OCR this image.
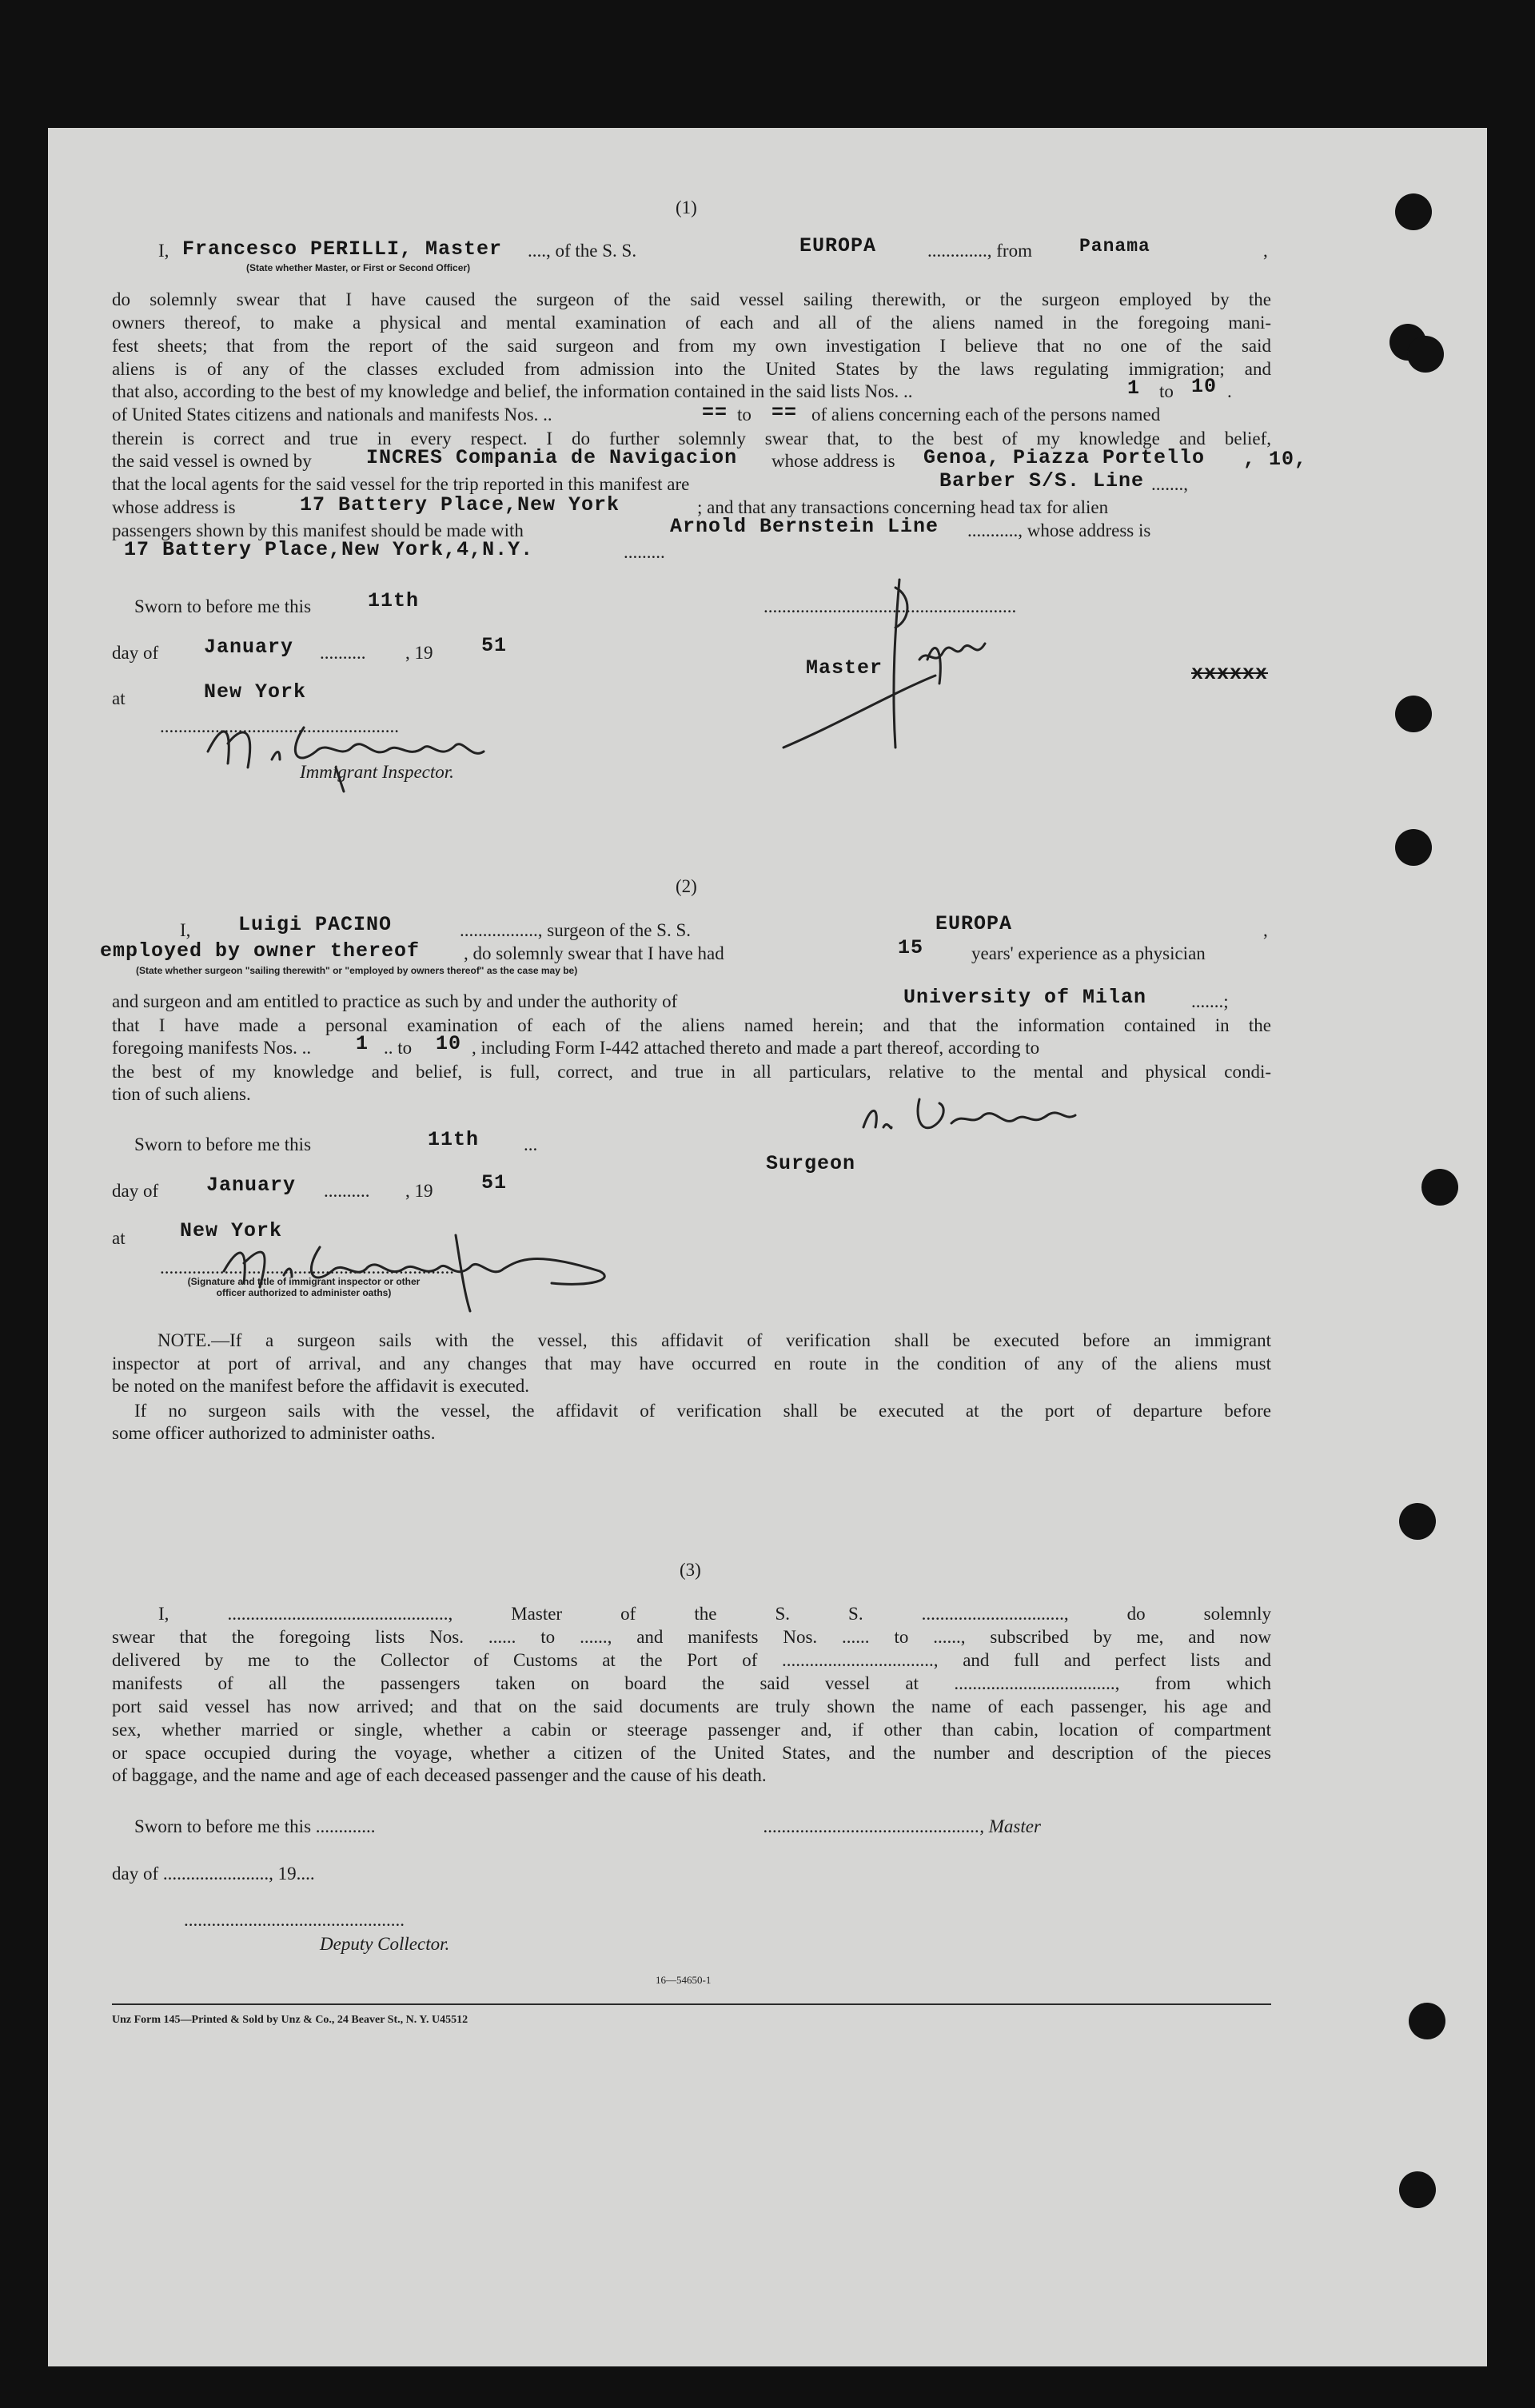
(1)
I, Francesco PERILLI, Master ...., of the S. S.	EUROPA	............., from	Panama	,
(State whether Master, or First or Second Officer)
do solemnly swear that I have caused the surgeon of the said vessel sailing therewith, or the surgeon employed by the
owners thereof, to make a physical and mental examination of each and all of the aliens named in the foregoing mani-
fest sheets; that from the report of the said surgeon and from my own investigation I believe that no one of the said
aliens is of any of the classes excluded from admission into the United States by the laws regulating immigration; and
that also, according to the best of my knowledge and belief, the information contained in the said lists Nos. ..	1 to 10 .
of United States citizens and nationals and manifests Nos. ..	== to == of aliens concerning each of the persons named
therein is correct and true in every respect. I do further solemnly swear that, to the best of my knowledge and belief,
the said vessel is owned by	INCRES Compania de Navigacion whose address is Genoa, Piazza Portello , 10,
that the local agents for the said vessel for the trip reported in this manifest are	Barber S/S. Line .......,
whose address is	17 Battery Place,New York	; and that any transactions concerning head tax for alien
passengers shown by this manifest should be made with	Arnold Bernstein Line ..........., whose address is
17 Battery Place,New York,4,N.Y.	.........
Sworn to before me this	11th	.......................................................
day of January .......... , 19 51
Master	xxxxxx
at	New York
....................................................
Immigrant Inspector.
(2)
I, Luigi PACINO	................., surgeon of the S. S.	EUROPA	,
employed by owner thereof , do solemnly swear that I have had	15	years' experience as a physician
(State whether surgeon "sailing therewith" or "employed by owners thereof" as the case may be)
and surgeon and am entitled to practice as such by and under the authority of	University of Milan .......;
that I have made a personal examination of each of the aliens named herein; and that the information contained in the
foregoing manifests Nos. .. 1 .. to 10 , including Form I-442 attached thereto and made a part thereof, according to
the best of my knowledge and belief, is full, correct, and true in all particulars, relative to the mental and physical condi-
tion of such aliens.
Sworn to before me this	11th ...
day of January .......... , 19 51
Surgeon
at	New York
................................................................
(Signature and title of immigrant inspector or other officer authorized to administer oaths)
NOTE.—If a surgeon sails with the vessel, this affidavit of verification shall be executed before an immigrant
inspector at port of arrival, and any changes that may have occurred en route in the condition of any of the aliens must
be noted on the manifest before the affidavit is executed.
If no surgeon sails with the vessel, the affidavit of verification shall be executed at the port of departure before
some officer authorized to administer oaths.
(3)
I, ................................................, Master of the S. S. ..............................., do solemnly
swear that the foregoing lists Nos. ...... to ......, and manifests Nos. ...... to ......, subscribed by me, and now
delivered by me to the Collector of Customs at the Port of ................................., and full and perfect lists and
manifests of all the passengers taken on board the said vessel at ..................................., from which
port said vessel has now arrived; and that on the said documents are truly shown the name of each passenger, his age and
sex, whether married or single, whether a cabin or steerage passenger and, if other than cabin, location of compartment
or space occupied during the voyage, whether a citizen of the United States, and the number and description of the pieces
of baggage, and the name and age of each deceased passenger and the cause of his death.
Sworn to before me this .............	..............................................., Master
day of ......................., 19....
................................................
Deputy Collector.
16—54650-1
Unz Form 145—Printed & Sold by Unz & Co., 24 Beaver St., N. Y. U45512
